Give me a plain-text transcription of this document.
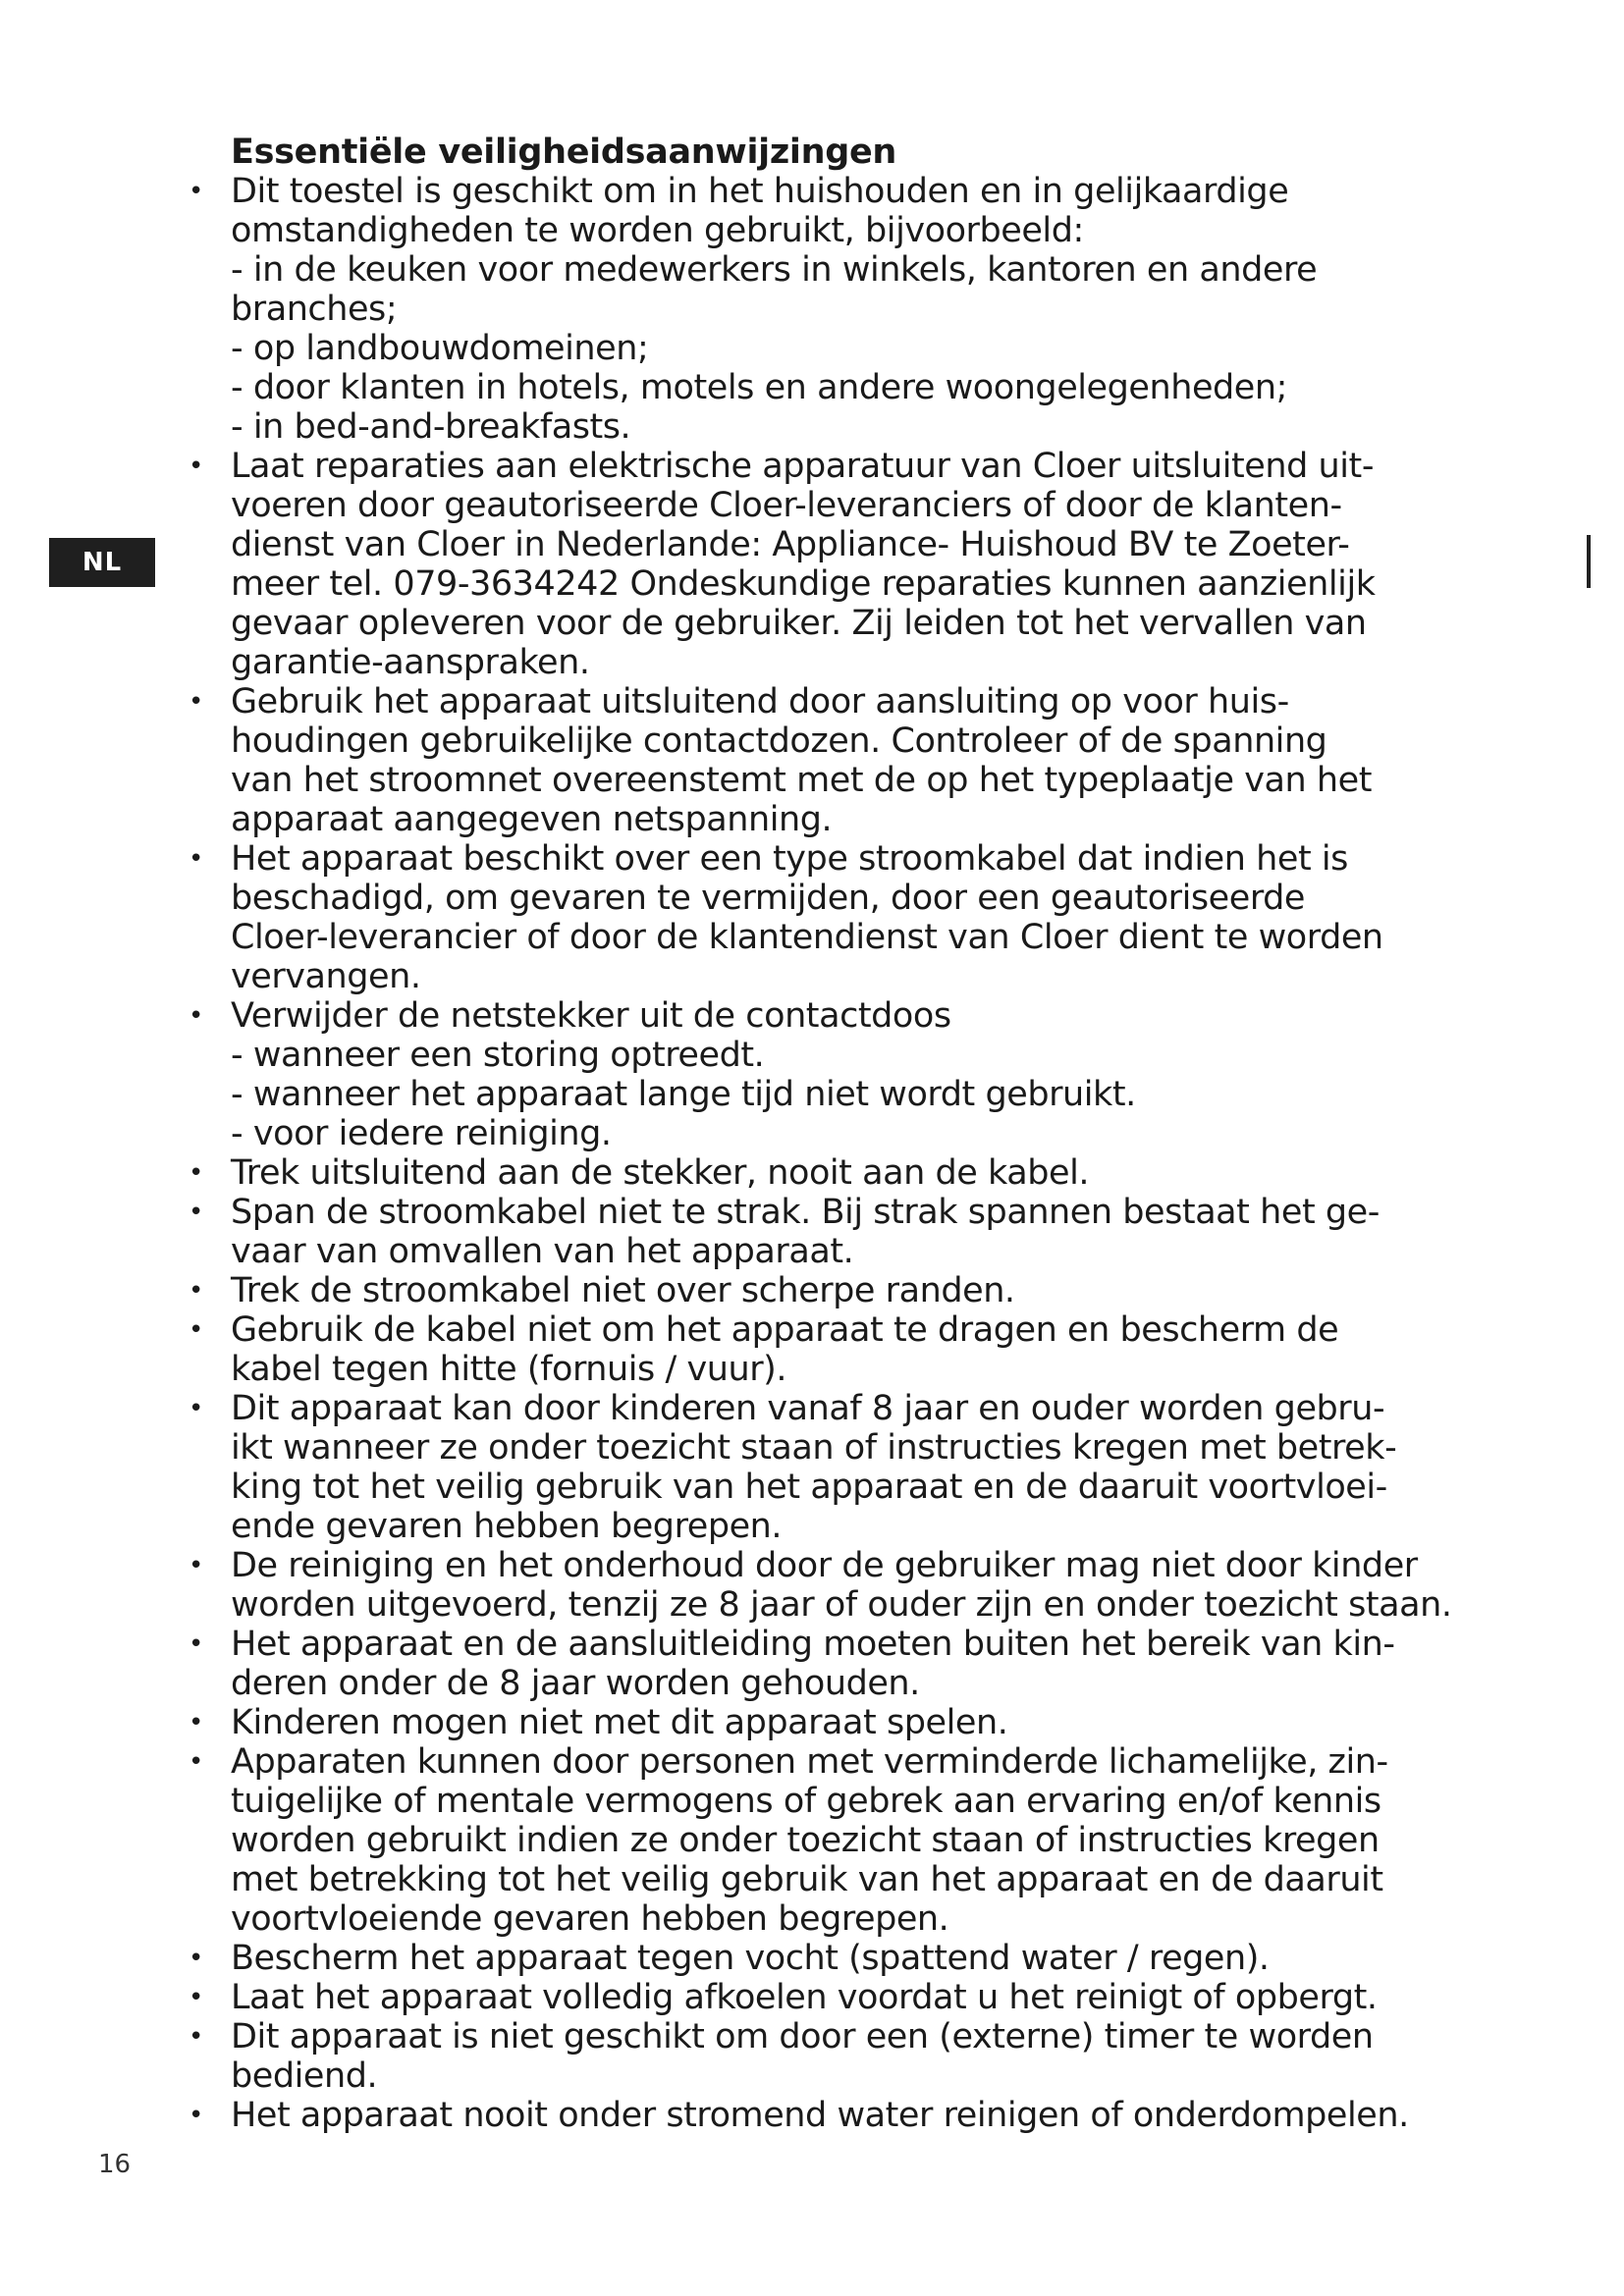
NL
16
Essentiële veiligheidsaanwijzingen
• Dit toestel is geschikt om in het huishouden en in gelijkaardige
omstandigheden te worden gebruikt, bijvoorbeeld:
- in de keuken voor medewerkers in winkels, kantoren en andere
branches;
- op landbouwdomeinen;
- door klanten in hotels, motels en andere woongelegenheden;
- in bed-and-breakfasts.
• Laat reparaties aan elektrische apparatuur van Cloer uitsluitend uit-
voeren door geautoriseerde Cloer-leveranciers of door de klanten-
dienst van Cloer in Nederlande: Appliance- Huishoud BV te Zoeter-
meer tel. 079-3634242 Ondeskundige reparaties kunnen aanzienlijk
gevaar opleveren voor de gebruiker. Zij leiden tot het vervallen van
garantie-aanspraken.
• Gebruik het apparaat uitsluitend door aansluiting op voor huis-
houdingen gebruikelijke contactdozen. Controleer of de spanning
van het stroomnet overeenstemt met de op het typeplaatje van het
apparaat aangegeven netspanning.
• Het apparaat beschikt over een type stroomkabel dat indien het is
beschadigd, om gevaren te vermijden, door een geautoriseerde
Cloer-leverancier of door de klantendienst van Cloer dient te worden
vervangen.
• Verwijder de netstekker uit de contactdoos
- wanneer een storing optreedt.
- wanneer het apparaat lange tijd niet wordt gebruikt.
- voor iedere reiniging.
• Trek uitsluitend aan de stekker, nooit aan de kabel.
• Span de stroomkabel niet te strak. Bij strak spannen bestaat het ge-
vaar van omvallen van het apparaat.
• Trek de stroomkabel niet over scherpe randen.
• Gebruik de kabel niet om het apparaat te dragen en bescherm de
kabel tegen hitte (fornuis / vuur).
• Dit apparaat kan door kinderen vanaf 8 jaar en ouder worden gebru-
ikt wanneer ze onder toezicht staan of instructies kregen met betrek-
king tot het veilig gebruik van het apparaat en de daaruit voortvloei-
ende gevaren hebben begrepen.
• De reiniging en het onderhoud door de gebruiker mag niet door kinder
worden uitgevoerd, tenzij ze 8 jaar of ouder zijn en onder toezicht staan.
• Het apparaat en de aansluitleiding moeten buiten het bereik van kin-
deren onder de 8 jaar worden gehouden.
• Kinderen mogen niet met dit apparaat spelen.
• Apparaten kunnen door personen met verminderde lichamelijke, zin-
tuigelijke of mentale vermogens of gebrek aan ervaring en/of kennis
worden gebruikt indien ze onder toezicht staan of instructies kregen
met betrekking tot het veilig gebruik van het apparaat en de daaruit
voortvloeiende gevaren hebben begrepen.
• Bescherm het apparaat tegen vocht (spattend water / regen).
• Laat het apparaat volledig afkoelen voordat u het reinigt of opbergt.
• Dit apparaat is niet geschikt om door een (externe) timer te worden
bediend.
• Het apparaat nooit onder stromend water reinigen of onderdompelen.
